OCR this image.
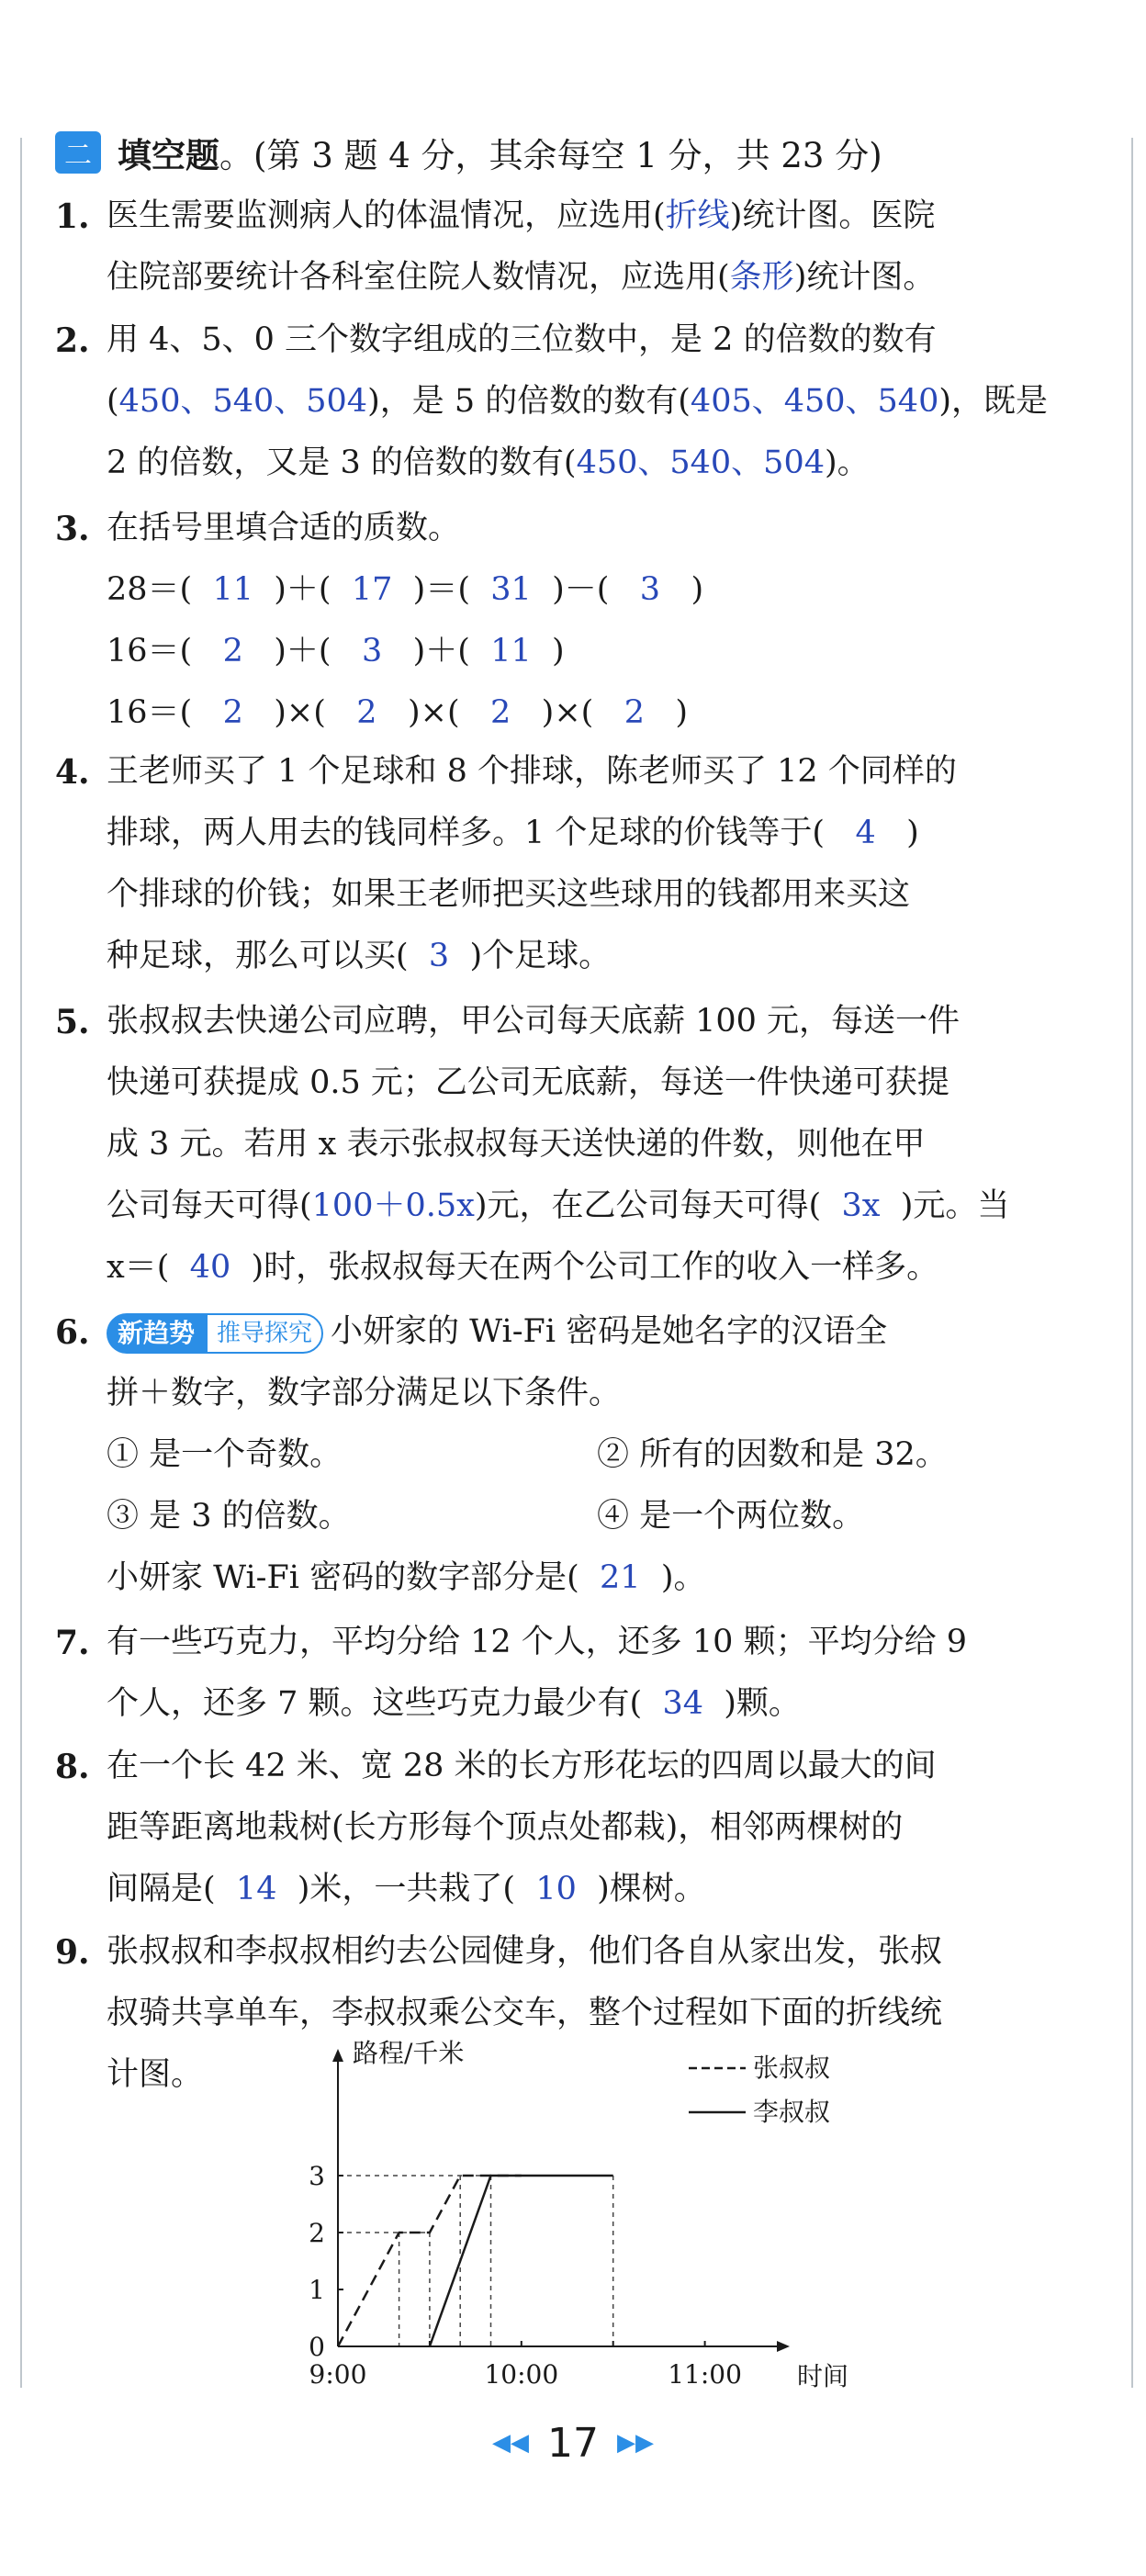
二 填空题 。(第 3 题 4 分，其余每空 1 分，共 23 分)
1. 医生需要监测病人的体温情况，应选用(折线)统计图。医院
住院部要统计各科室住院人数情况，应选用(条形)统计图。
2. 用 4、5、0 三个数字组成的三位数中，是 2 的倍数的数有
(450、540、504)，是 5 的倍数的数有(405、450、540)，既是
2 的倍数，又是 3 的倍数的数有(450、540、504)。
3. 在括号里填合适的质数。
28＝( 11 )＋( 17 )＝( 31 )－( 3 )
16＝( 2 )＋( 3 )＋( 11 )
16＝( 2 )×( 2 )×( 2 )×( 2 )
4. 王老师买了 1 个足球和 8 个排球，陈老师买了 12 个同样的
排球，两人用去的钱同样多。1 个足球的价钱等于( 4 )
个排球的价钱；如果王老师把买这些球用的钱都用来买这
种足球，那么可以买( 3 )个足球。
5. 张叔叔去快递公司应聘，甲公司每天底薪 100 元，每送一件
快递可获提成 0.5 元；乙公司无底薪，每送一件快递可获提
成 3 元。若用 x 表示张叔叔每天送快递的件数，则他在甲
公司每天可得(100＋0.5x)元，在乙公司每天可得( 3x )元。当
x＝( 40 )时，张叔叔每天在两个公司工作的收入一样多。
6.	新趋势 推导探究 小妍家的 Wi-Fi 密码是她名字的汉语全
拼＋数字，数字部分满足以下条件。
① 是一个奇数。	② 所有的因数和是 32。
③ 是 3 的倍数。	④ 是一个两位数。
小妍家 Wi-Fi 密码的数字部分是( 21 )。
7. 有一些巧克力，平均分给 12 个人，还多 10 颗；平均分给 9
个人，还多 7 颗。这些巧克力最少有( 34 )颗。
8. 在一个长 42 米、宽 28 米的长方形花坛的四周以最大的间
距等距离地栽树(长方形每个顶点处都栽)，相邻两棵树的
间隔是( 14 )米，一共栽了( 10 )棵树。
9. 张叔叔和李叔叔相约去公园健身，他们各自从家出发，张叔
叔骑共享单车，李叔叔乘公交车，整个过程如下面的折线统
计图。
0
1
2
3
9:00	10:00	11:00
路程/千米
时间
张叔叔
李叔叔
◀◀ 17 ▶▶
